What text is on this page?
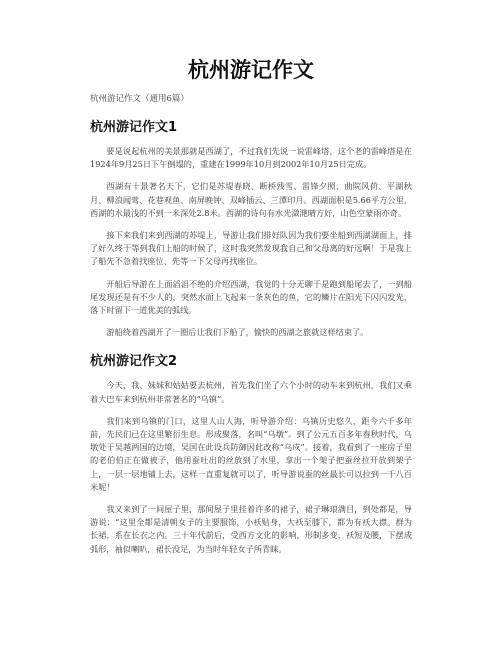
杭州游记作文

杭州游记作文（通用6篇）

杭州游记作文1

要是说起杭州的美景那就是西湖了，不过我们先说一说雷峰塔，这个老的雷峰塔是在1924年9月25日下午倒塌的，重建在1999年10月到2002年10月25日完成。

西湖有十景著名天下，它们是苏堤春晓、断桥残雪、雷锋夕照、曲院风荷、平湖秋月、柳浪闻莺、花巷观鱼、南屏晚钟、双峰插云、三潭印月。西湖面积是5.66平方公里，西湖的水最浅的不到一米深处2.8米。西湖的诗句有水光潋滟晴方好，山色空蒙雨亦奇。

接下来我们来到西湖的苏堤上，导游让我们排好队因为我们要坐船到西湖湖面上，排了好久终于等到我们上船的时候了，这时我突然发现我自己和父母离的好远啊！于是我上了船先不急着找座位、先等一下父母再找座位。

开船后导游在上面滔滔不绝的介绍西湖，我觉的十分无聊于是跑到船尾去了，一到船尾发现还是有不少人的，突然水面上飞起来一条灰色的鱼，它的鳞片在阳光下闪闪发光，落下时留下一道优美的弧线。

游船绕着西湖开了一圈后让我们下船了，愉快的西湖之旅就这样结束了。

杭州游记作文2

今天，我、妹妹和姑姑要去杭州，首先我们坐了六个小时的动车来到杭州，我们又乘着大巴车来到杭州非常著名的“乌镇”。

我们来到乌镇的门口，这里人山人海，听导游介绍：乌镇历史悠久，距今六千多年前，先民们已在这里繁衍生息。形成聚落，名叫“乌墩”。到了公元五百多年春秋时代，乌墩处于吴越两国的边境，吴国在此设兵防御因此改称“乌戍”。接着，我看到了一座房子里的老伯伯正在做被子，他用蚕吐出的丝放到了水里，拿出一个架子把蚕丝拉开放到架子上，一层一层地铺上去，这样一直重复就可以了，听导游说蚕的丝最长可以拉到一千八百米呢！

我又来到了一间屋子里，那间屋子里挂着许多的裙子，裙子琳琅满目，到处都是，导游说：“这里全都是清朝女子的主要服饰，小袄贴身，大袄至膝下，都为有袄大襟。群为长裙，系在长衣之内。三十年代前后，受西方文化的影响，形制多变，袄短及腰，下摆成弧形，袖似喇叭，裙长没足，为当时年轻女子所青睐。
